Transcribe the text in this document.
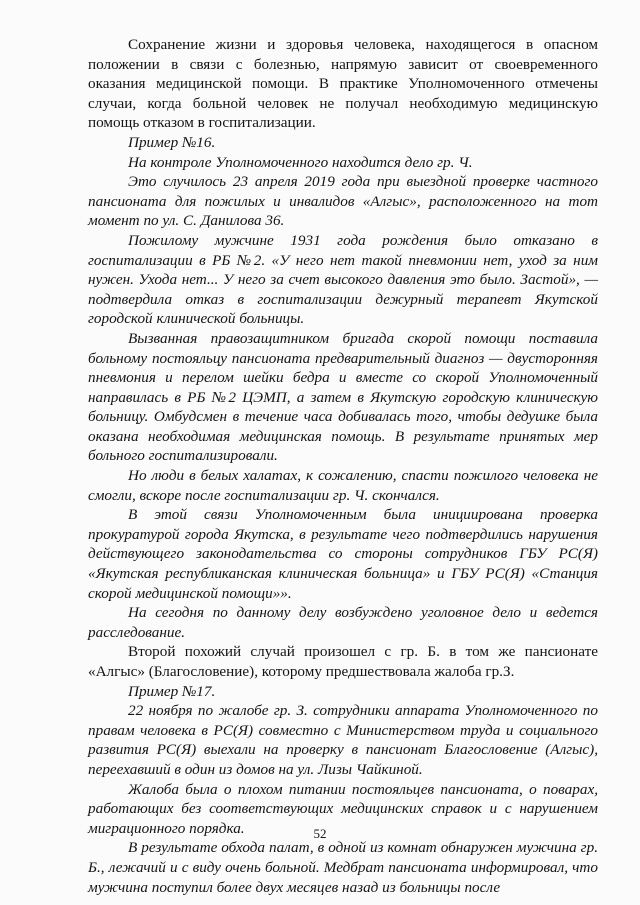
Сохранение жизни и здоровья человека, находящегося в опасном положении в связи с болезнью, напрямую зависит от своевременного оказания медицинской помощи. В практике Уполномоченного отмечены случаи, когда больной человек не получал необходимую медицинскую помощь отказом в госпитализации.

Пример №16.

На контроле Уполномоченного находится дело гр. Ч.

Это случилось 23 апреля 2019 года при выездной проверке частного пансионата для пожилых и инвалидов «Алгыс», расположенного на тот момент по ул. С. Данилова 36.

Пожилому мужчине 1931 года рождения было отказано в госпитализации в РБ №2. «У него нет такой пневмонии нет, уход за ним нужен. Ухода нет... У него за счет высокого давления это было. Застой», — подтвердила отказ в госпитализации дежурный терапевт Якутской городской клинической больницы.

Вызванная правозащитником бригада скорой помощи поставила больному постояльцу пансионата предварительный диагноз — двусторонняя пневмония и перелом шейки бедра и вместе со скорой Уполномоченный направилась в РБ №2 ЦЭМП, а затем в Якутскую городскую клиническую больницу. Омбудсмен в течение часа добивалась того, чтобы дедушке была оказана необходимая медицинская помощь. В результате принятых мер больного госпитализировали.

Но люди в белых халатах, к сожалению, спасти пожилого человека не смогли, вскоре после госпитализации гр. Ч. скончался.

В этой связи Уполномоченным была инициирована проверка прокуратурой города Якутска, в результате чего подтвердились нарушения действующего законодательства со стороны сотрудников ГБУ РС(Я) «Якутская республиканская клиническая больница» и ГБУ РС(Я) «Станция скорой медицинской помощи»».

На сегодня по данному делу возбуждено уголовное дело и ведется расследование.

Второй похожий случай произошел с гр. Б. в том же пансионате «Алгыс» (Благословение), которому предшествовала жалоба гр.З.

Пример №17.

22 ноября по жалобе гр. З. сотрудники аппарата Уполномоченного по правам человека в РС(Я) совместно с Министерством труда и социального развития РС(Я) выехали на проверку в пансионат Благословение (Алгыс), переехавший в один из домов на ул. Лизы Чайкиной.

Жалоба была о плохом питании постояльцев пансионата, о поварах, работающих без соответствующих медицинских справок и с нарушением миграционного порядка.

В результате обхода палат, в одной из комнат обнаружен мужчина гр. Б., лежачий и с виду очень больной. Медбрат пансионата информировал, что мужчина поступил более двух месяцев назад из больницы после

52
